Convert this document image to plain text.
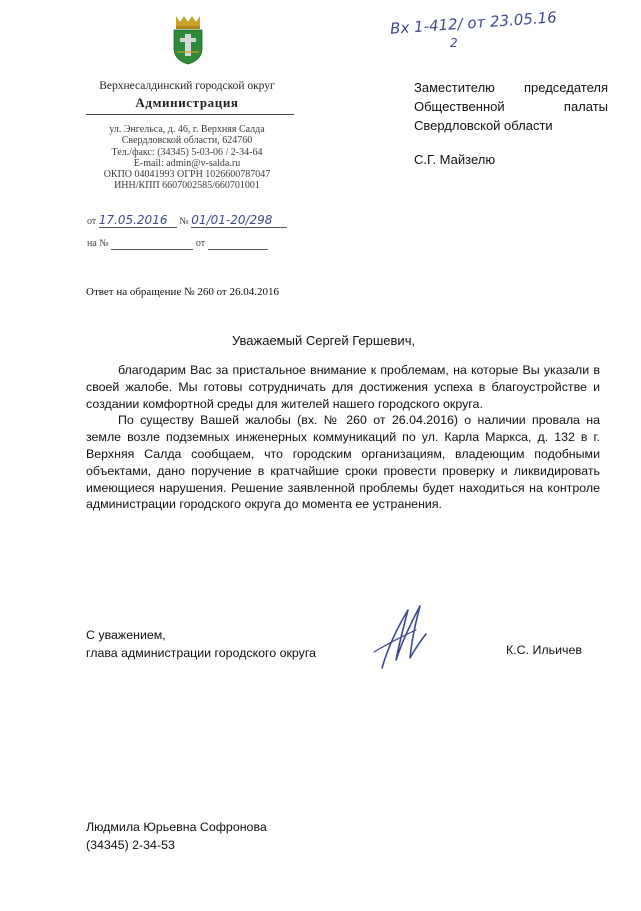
Верхнесалдинский городской округ
Администрация
ул. Энгельса, д. 46, г. Верхняя Салда
Свердловской области, 624760
Тел./факс: (34345) 5-03-06 / 2-34-64
E-mail: admin@v-salda.ru
ОКПО 04041993 ОГРН 1026600787047
ИНН/КПП 6607002585/660701001
от 17.05.2016 № 01/01-20/298
на №	от
Ответ на обращение № 260 от 26.04.2016
Вх 1-412/ от 23.05.16
2
Заместителю председателя
Общественной палаты
Свердловской области
С.Г. Майзелю
Уважаемый Сергей Гершевич,

благодарим Вас за пристальное внимание к проблемам, на которые Вы указали в своей жалобе. Мы готовы сотрудничать для достижения успеха в благоустройстве и создании комфортной среды для жителей нашего городского округа.

По существу Вашей жалобы (вх. № 260 от 26.04.2016) о наличии провала на земле возле подземных инженерных коммуникаций по ул. Карла Маркса, д. 132 в г. Верхняя Салда сообщаем, что городским организациям, владеющим подобными объектами, дано поручение в кратчайшие сроки провести проверку и ликвидировать имеющиеся нарушения. Решение заявленной проблемы будет находиться на контроле администрации городского округа до момента ее устранения.

С уважением,
глава администрации городского округа	К.С. Ильичев
Людмила Юрьевна Софронова
(34345) 2-34-53
